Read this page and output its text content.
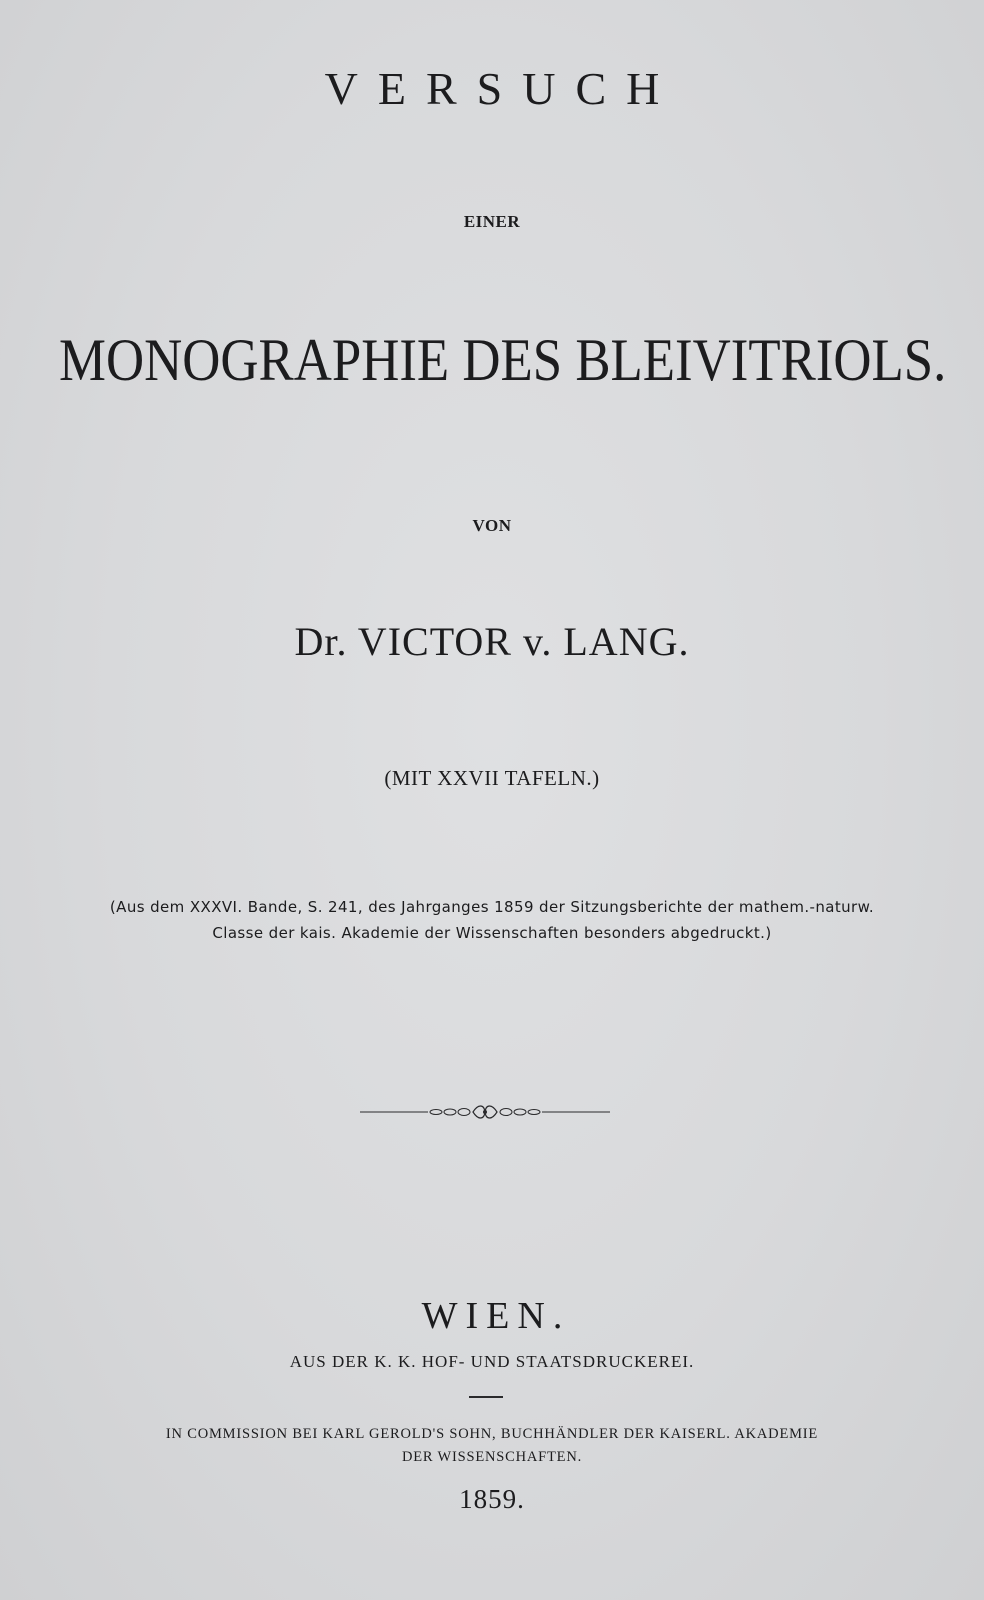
VERSUCH
EINER
MONOGRAPHIE DES BLEIVITRIOLS.
VON
Dr. VICTOR v. LANG.
(MIT XXVII TAFELN.)
(Aus dem XXXVI. Bande, S. 241, des Jahrganges 1859 der Sitzungsberichte der mathem.-naturw.
Classe der kais. Akademie der Wissenschaften besonders abgedruckt.)
WIEN.
AUS DER K. K. HOF- UND STAATSDRUCKEREI.
IN COMMISSION BEI KARL GEROLD'S SOHN, BUCHHÄNDLER DER KAISERL. AKADEMIE
DER WISSENSCHAFTEN.
1859.
